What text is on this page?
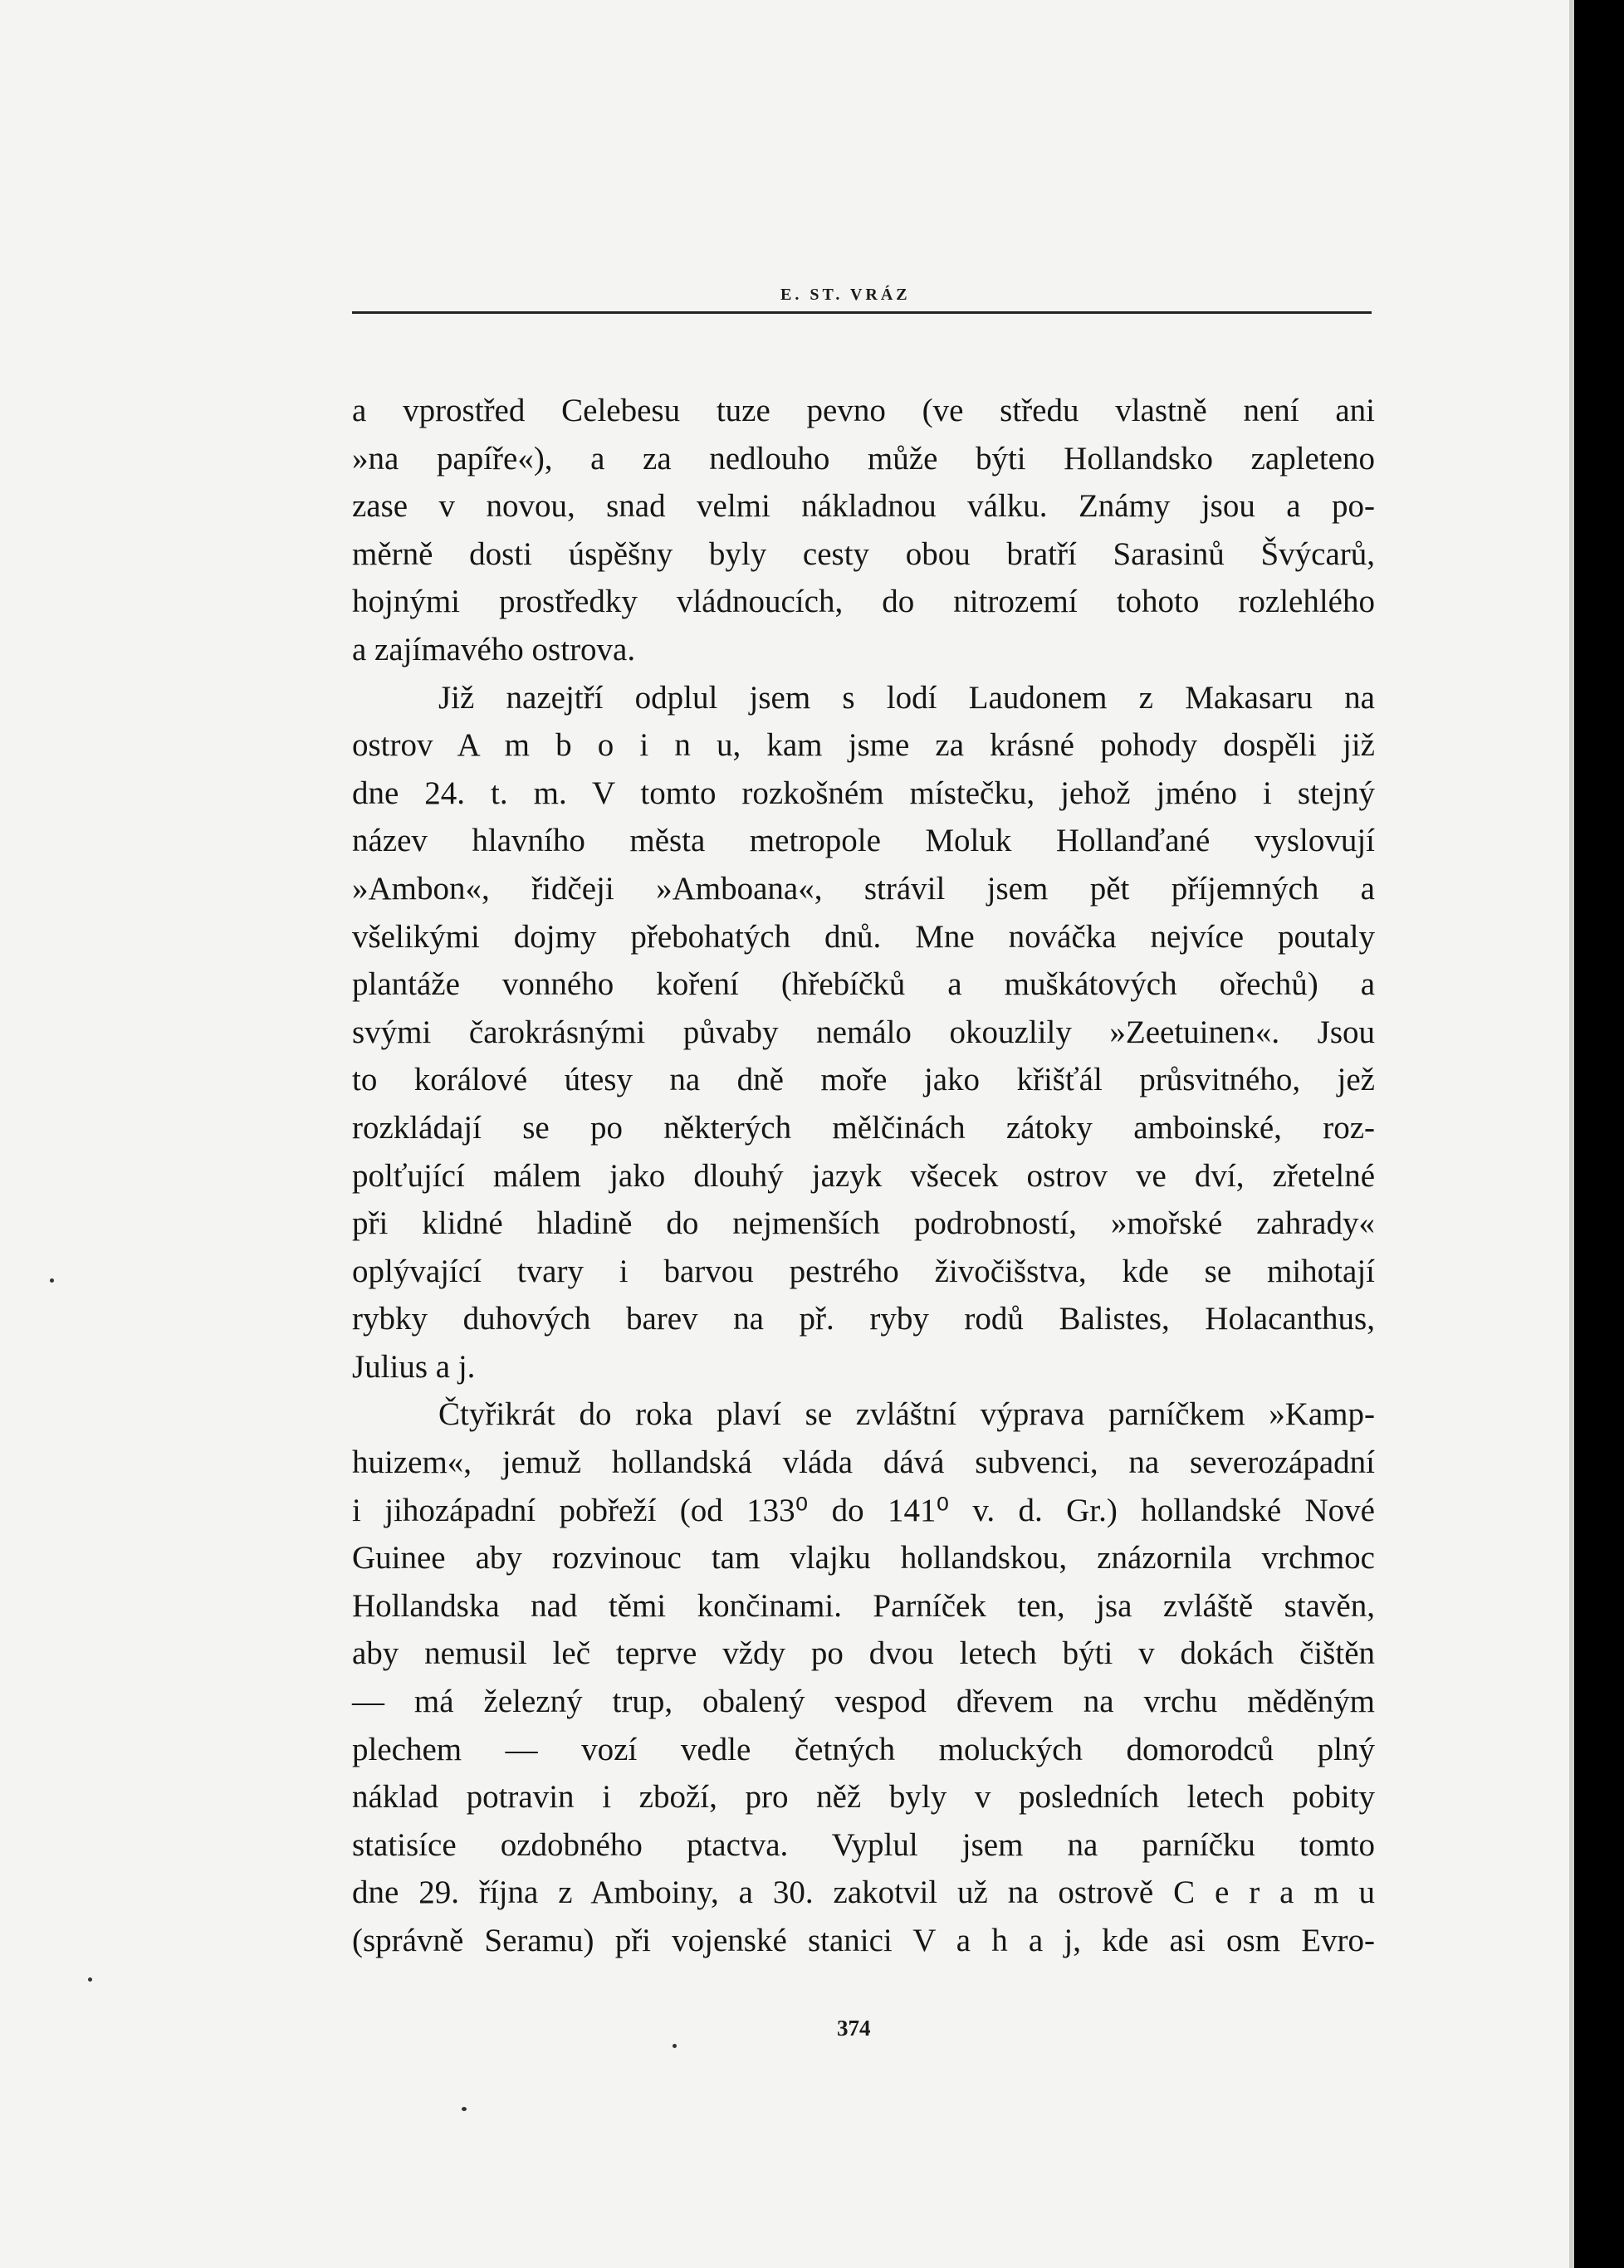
E. ST. VRÁZ
a vprostřed Celebesu tuze pevno (ve středu vlastně není ani
»na papíře«), a za nedlouho může býti Hollandsko zapleteno
zase v novou, snad velmi nákladnou válku. Známy jsou a po-
měrně dosti úspěšny byly cesty obou bratří Sarasinů Švýcarů,
hojnými prostředky vládnoucích, do nitrozemí tohoto rozlehlého
a zajímavého ostrova.
Již nazejtří odplul jsem s lodí Laudonem z Makasaru na
ostrov A m b o i n u, kam jsme za krásné pohody dospěli již
dne 24. t. m. V tomto rozkošném místečku, jehož jméno i stejný
název hlavního města metropole Moluk Hollanďané vyslovují
»Ambon«, řidčeji »Amboana«, strávil jsem pět příjemných a
všelikými dojmy přebohatých dnů. Mne nováčka nejvíce poutaly
plantáže vonného koření (hřebíčků a muškátových ořechů) a
svými čarokrásnými půvaby nemálo okouzlily »Zeetuinen«. Jsou
to korálové útesy na dně moře jako křišťál průsvitného, jež
rozkládají se po některých mělčinách zátoky amboinské, roz-
polťující málem jako dlouhý jazyk všecek ostrov ve dví, zřetelné
při klidné hladině do nejmenších podrobností, »mořské zahrady«
oplývající tvary i barvou pestrého živočišstva, kde se mihotají
rybky duhových barev na př. ryby rodů Balistes, Holacanthus,
Julius a j.
Čtyřikrát do roka plaví se zvláštní výprava parníčkem »Kamp-
huizem«, jemuž hollandská vláda dává subvenci, na severozápadní
i jihozápadní pobřeží (od 133⁰ do 141⁰ v. d. Gr.) hollandské Nové
Guinee aby rozvinouc tam vlajku hollandskou, znázornila vrchmoc
Hollandska nad těmi končinami. Parníček ten, jsa zvláště stavěn,
aby nemusil leč teprve vždy po dvou letech býti v dokách čištěn
— má železný trup, obalený vespod dřevem na vrchu měděným
plechem — vozí vedle četných moluckých domorodců plný
náklad potravin i zboží, pro něž byly v posledních letech pobity
statisíce ozdobného ptactva. Vyplul jsem na parníčku tomto
dne 29. října z Amboiny, a 30. zakotvil už na ostrově C e r a m u
(správně Seramu) při vojenské stanici V a h a j, kde asi osm Evro-
374
